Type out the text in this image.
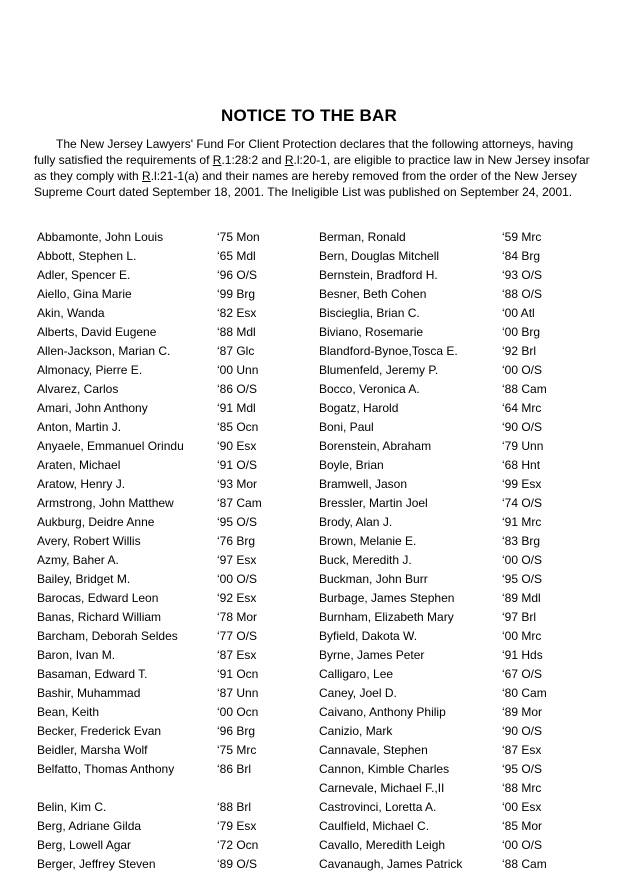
NOTICE TO THE BAR

The New Jersey Lawyers' Fund For Client Protection declares that the following attorneys, having fully satisfied the requirements of R.1:28:2 and R.l:20-1, are eligible to practice law in New Jersey insofar as they comply with R.l:21-1(a) and their names are hereby removed from the order of the New Jersey Supreme Court dated September 18, 2001. The Ineligible List was published on September 24, 2001.

Abbamonte, John Louis	‘75 Mon
Abbott, Stephen L.	‘65 Mdl
Adler, Spencer E.	‘96 O/S
Aiello, Gina Marie	‘99 Brg
Akin, Wanda	‘82 Esx
Alberts, David Eugene	‘88 Mdl
Allen-Jackson, Marian C.	‘87 Glc
Almonacy, Pierre E.	‘00 Unn
Alvarez, Carlos	‘86 O/S
Amari, John Anthony	‘91 Mdl
Anton, Martin J.	‘85 Ocn
Anyaele, Emmanuel Orindu	‘90 Esx
Araten, Michael	‘91 O/S
Aratow, Henry J.	‘93 Mor
Armstrong, John Matthew	‘87 Cam
Aukburg, Deidre Anne	‘95 O/S
Avery, Robert Willis	‘76 Brg
Azmy, Baher A.	‘97 Esx
Bailey, Bridget M.	‘00 O/S
Barocas, Edward Leon	‘92 Esx
Banas, Richard William	‘78 Mor
Barcham, Deborah Seldes	‘77 O/S
Baron, Ivan M.	‘87 Esx
Basaman, Edward T.	‘91 Ocn
Bashir, Muhammad	‘87 Unn
Bean, Keith	‘00 Ocn
Becker, Frederick Evan	‘96 Brg
Beidler, Marsha Wolf	‘75 Mrc
Belfatto, Thomas Anthony	‘86 Brl
Belin, Kim C.	‘88 Brl
Berg, Adriane Gilda	‘79 Esx
Berg, Lowell Agar	‘72 Ocn
Berger, Jeffrey Steven	‘89 O/S
Berman, Ronald	‘59 Mrc
Bern, Douglas Mitchell	‘84 Brg
Bernstein, Bradford H.	‘93 O/S
Besner, Beth Cohen	‘88 O/S
Biscieglia, Brian C.	‘00 Atl
Biviano, Rosemarie	‘00 Brg
Blandford-Bynoe,Tosca E.	‘92 Brl
Blumenfeld, Jeremy P.	‘00 O/S
Bocco, Veronica A.	‘88 Cam
Bogatz, Harold	‘64 Mrc
Boni, Paul	‘90 O/S
Borenstein, Abraham	‘79 Unn
Boyle, Brian	‘68 Hnt
Bramwell, Jason	‘99 Esx
Bressler, Martin Joel	‘74 O/S
Brody, Alan J.	‘91 Mrc
Brown, Melanie E.	‘83 Brg
Buck, Meredith J.	‘00 O/S
Buckman, John Burr	‘95 O/S
Burbage, James Stephen	‘89 Mdl
Burnham, Elizabeth Mary	‘97 Brl
Byfield, Dakota W.	‘00 Mrc
Byrne, James Peter	‘91 Hds
Calligaro, Lee	‘67 O/S
Caney, Joel D.	‘80 Cam
Caivano, Anthony Philip	‘89 Mor
Canizio, Mark	‘90 O/S
Cannavale, Stephen	‘87 Esx
Cannon, Kimble Charles	‘95 O/S
Carnevale, Michael F.,II	‘88 Mrc
Castrovinci, Loretta A.	‘00 Esx
Caulfield, Michael C.	‘85 Mor
Cavallo, Meredith Leigh	‘00 O/S
Cavanaugh, James Patrick	‘88 Cam
